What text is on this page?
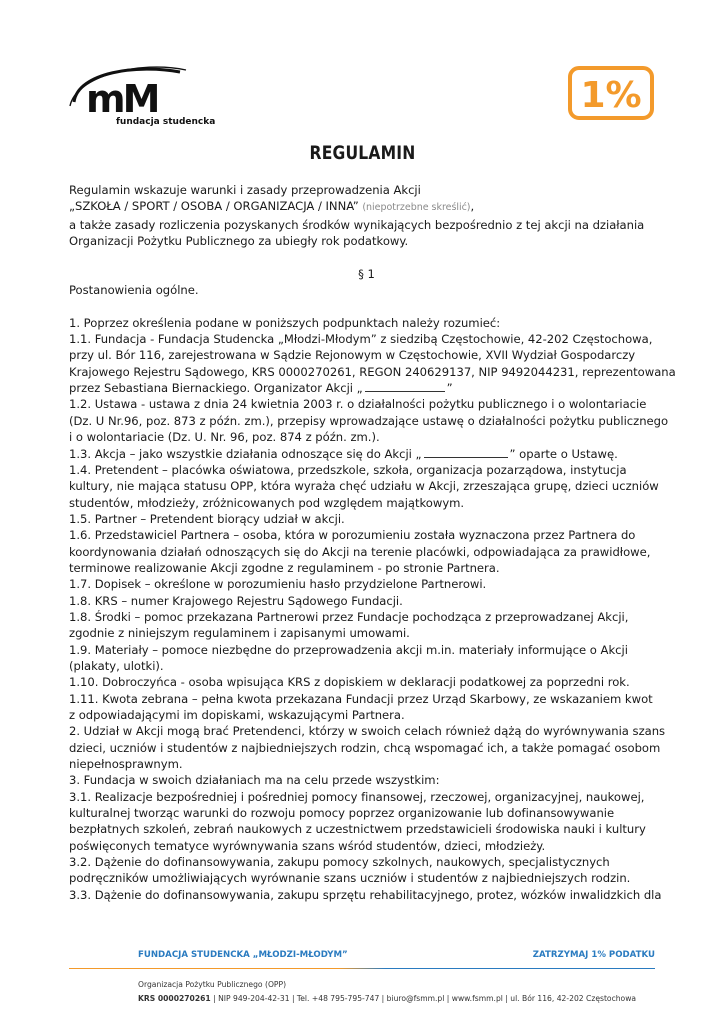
mM
fundacja studencka
1%
REGULAMIN

Regulamin wskazuje warunki i zasady przeprowadzenia Akcji

„SZKOŁA / SPORT / OSOBA / ORGANIZACJA / INNA” (niepotrzebne skreślić),

a także zasady rozliczenia pozyskanych środków wynikających bezpośrednio z tej akcji na działania

Organizacji Pożytku Publicznego za ubiegły rok podatkowy.

§ 1

Postanowienia ogólne.

1. Poprzez określenia podane w poniższych podpunktach należy rozumieć:

1.1. Fundacja - Fundacja Studencka „Młodzi-Młodym” z siedzibą Częstochowie, 42-202 Częstochowa,

przy ul. Bór 116, zarejestrowana w Sądzie Rejonowym w Częstochowie, XVII Wydział Gospodarczy

Krajowego Rejestru Sądowego, KRS 0000270261, REGON 240629137, NIP 9492044231, reprezentowana

przez Sebastiana Biernackiego. Organizator Akcji „	”

1.2. Ustawa - ustawa z dnia 24 kwietnia 2003 r. o działalności pożytku publicznego i o wolontariacie

(Dz. U Nr.96, poz. 873 z późn. zm.), przepisy wprowadzające ustawę o działalności pożytku publicznego

i o wolontariacie (Dz. U. Nr. 96, poz. 874 z późn. zm.).

1.3. Akcja – jako wszystkie działania odnoszące się do Akcji „	” oparte o Ustawę.

1.4. Pretendent – placówka oświatowa, przedszkole, szkoła, organizacja pozarządowa, instytucja

kultury, nie mająca statusu OPP, która wyraża chęć udziału w Akcji, zrzeszająca grupę, dzieci uczniów

studentów, młodzieży, zróżnicowanych pod względem majątkowym.

1.5. Partner – Pretendent biorący udział w akcji.

1.6. Przedstawiciel Partnera – osoba, która w porozumieniu została wyznaczona przez Partnera do

koordynowania działań odnoszących się do Akcji na terenie placówki, odpowiadająca za prawidłowe,

terminowe realizowanie Akcji zgodne z regulaminem - po stronie Partnera.

1.7. Dopisek – określone w porozumieniu hasło przydzielone Partnerowi.

1.8. KRS – numer Krajowego Rejestru Sądowego Fundacji.

1.8. Środki – pomoc przekazana Partnerowi przez Fundacje pochodząca z przeprowadzanej Akcji,

zgodnie z niniejszym regulaminem i zapisanymi umowami.

1.9. Materiały – pomoce niezbędne do przeprowadzenia akcji m.in. materiały informujące o Akcji

(plakaty, ulotki).

1.10. Dobroczyńca - osoba wpisująca KRS z dopiskiem w deklaracji podatkowej za poprzedni rok.

1.11. Kwota zebrana – pełna kwota przekazana Fundacji przez Urząd Skarbowy, ze wskazaniem kwot

z odpowiadającymi im dopiskami, wskazującymi Partnera.

2. Udział w Akcji mogą brać Pretendenci, którzy w swoich celach również dążą do wyrównywania szans

dzieci, uczniów i studentów z najbiedniejszych rodzin, chcą wspomagać ich, a także pomagać osobom

niepełnosprawnym.

3. Fundacja w swoich działaniach ma na celu przede wszystkim:

3.1. Realizacje bezpośredniej i pośredniej pomocy finansowej, rzeczowej, organizacyjnej, naukowej,

kulturalnej tworząc warunki do rozwoju pomocy poprzez organizowanie lub dofinansowywanie

bezpłatnych szkoleń, zebrań naukowych z uczestnictwem przedstawicieli środowiska nauki i kultury

poświęconych tematyce wyrównywania szans wśród studentów, dzieci, młodzieży.

3.2. Dążenie do dofinansowywania, zakupu pomocy szkolnych, naukowych, specjalistycznych

podręczników umożliwiających wyrównanie szans uczniów i studentów z najbiedniejszych rodzin.

3.3. Dążenie do dofinansowywania, zakupu sprzętu rehabilitacyjnego, protez, wózków inwalidzkich dla

FUNDACJA STUDENCKA „MŁODZI-MŁODYM”	ZATRZYMAJ 1% PODATKU
Organizacja Pożytku Publicznego (OPP)
KRS 0000270261 | NIP 949-204-42-31 | Tel. +48 795-795-747 | biuro@fsmm.pl | www.fsmm.pl | ul. Bór 116, 42-202 Częstochowa
